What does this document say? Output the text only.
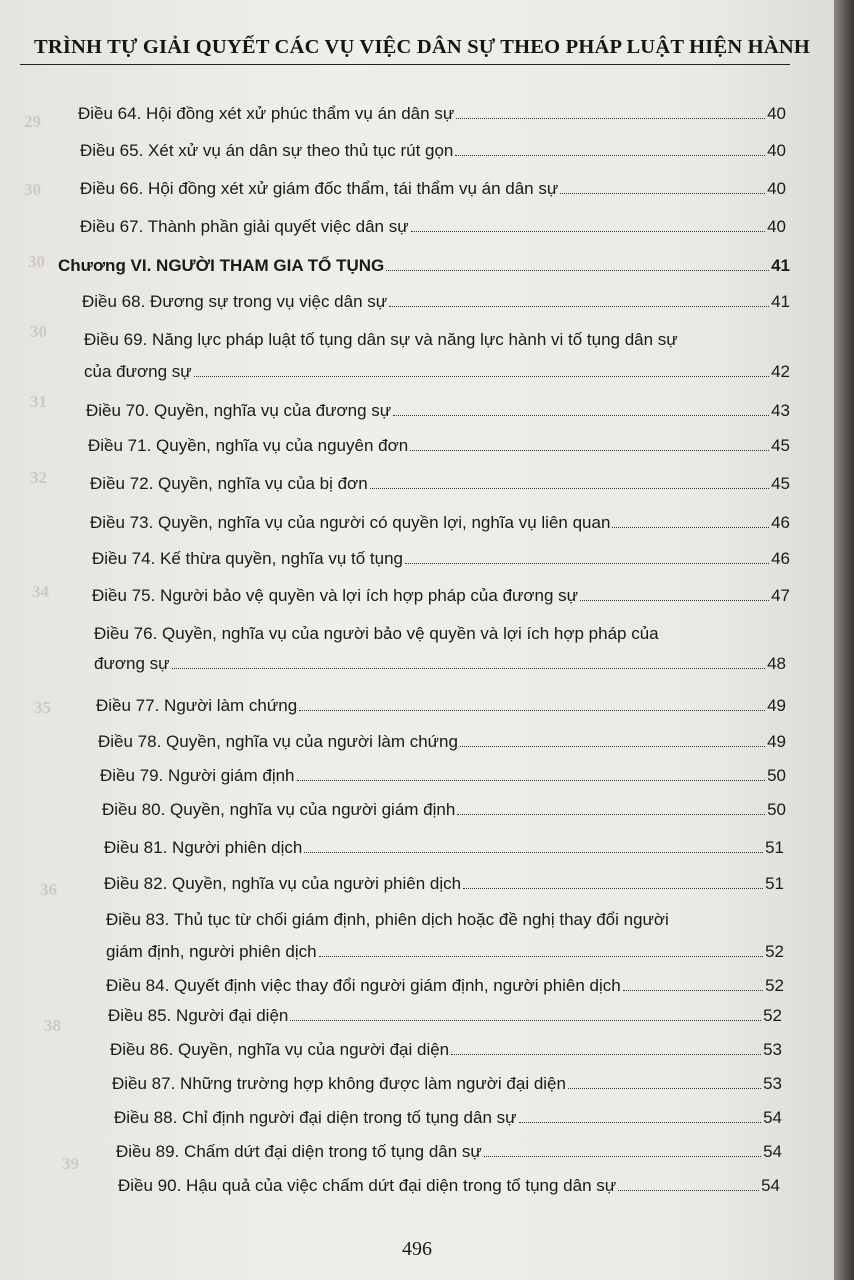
TRÌNH TỰ GIẢI QUYẾT CÁC VỤ VIỆC DÂN SỰ THEO PHÁP LUẬT HIỆN HÀNH
29
30
30
30
31
32
34
35
36
38
39
Điều 64. Hội đồng xét xử phúc thẩm vụ án dân sự	40
Điều 65. Xét xử vụ án dân sự theo thủ tục rút gọn	40
Điều 66. Hội đồng xét xử giám đốc thẩm, tái thẩm vụ án dân sự	40
Điều 67. Thành phần giải quyết việc dân sự	40
Chương VI. NGƯỜI THAM GIA TỐ TỤNG	41
Điều 68. Đương sự trong vụ việc dân sự	41
Điều 69. Năng lực pháp luật tố tụng dân sự và năng lực hành vi tố tụng dân sự
của đương sự	42
Điều 70. Quyền, nghĩa vụ của đương sự	43
Điều 71. Quyền, nghĩa vụ của nguyên đơn	45
Điều 72. Quyền, nghĩa vụ của bị đơn	45
Điều 73. Quyền, nghĩa vụ của người có quyền lợi, nghĩa vụ liên quan	46
Điều 74. Kế thừa quyền, nghĩa vụ tố tụng	46
Điều 75. Người bảo vệ quyền và lợi ích hợp pháp của đương sự	47
Điều 76. Quyền, nghĩa vụ của người bảo vệ quyền và lợi ích hợp pháp của
đương sự	48
Điều 77. Người làm chứng	49
Điều 78. Quyền, nghĩa vụ của người làm chứng	49
Điều 79. Người giám định	50
Điều 80. Quyền, nghĩa vụ của người giám định	50
Điều 81. Người phiên dịch	51
Điều 82. Quyền, nghĩa vụ của người phiên dịch	51
Điều 83. Thủ tục từ chối giám định, phiên dịch hoặc đề nghị thay đổi người
giám định, người phiên dịch	52
Điều 84. Quyết định việc thay đổi người giám định, người phiên dịch	52
Điều 85. Người đại diện	52
Điều 86. Quyền, nghĩa vụ của người đại diện	53
Điều 87. Những trường hợp không được làm người đại diện	53
Điều 88. Chỉ định người đại diện trong tố tụng dân sự	54
Điều 89. Chấm dứt đại diện trong tố tụng dân sự	54
Điều 90. Hậu quả của việc chấm dứt đại diện trong tố tụng dân sự	54
496
